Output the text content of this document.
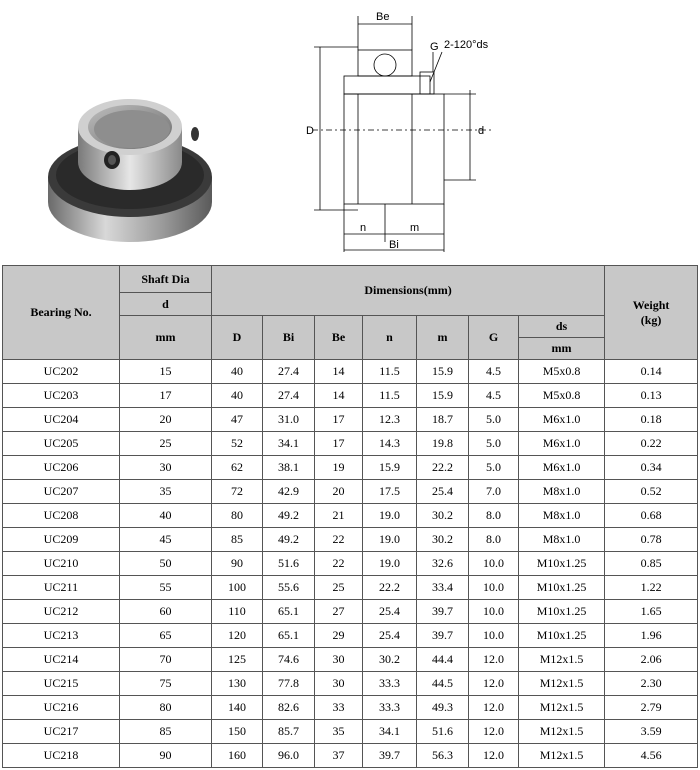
Be
G 2-120°ds
D	d
n	m
Bi
Bearing No.	Shaft Dia	Dimensions(mm)							Weight
(kg)
	d								
	mm	D	Bi	Be	n	m	G	ds	
								mm	
UC202	15	40	27.4	14	11.5	15.9	4.5	M5x0.8	0.14
UC203	17	40	27.4	14	11.5	15.9	4.5	M5x0.8	0.13
UC204	20	47	31.0	17	12.3	18.7	5.0	M6x1.0	0.18
UC205	25	52	34.1	17	14.3	19.8	5.0	M6x1.0	0.22
UC206	30	62	38.1	19	15.9	22.2	5.0	M6x1.0	0.34
UC207	35	72	42.9	20	17.5	25.4	7.0	M8x1.0	0.52
UC208	40	80	49.2	21	19.0	30.2	8.0	M8x1.0	0.68
UC209	45	85	49.2	22	19.0	30.2	8.0	M8x1.0	0.78
UC210	50	90	51.6	22	19.0	32.6	10.0	M10x1.25	0.85
UC211	55	100	55.6	25	22.2	33.4	10.0	M10x1.25	1.22
UC212	60	110	65.1	27	25.4	39.7	10.0	M10x1.25	1.65
UC213	65	120	65.1	29	25.4	39.7	10.0	M10x1.25	1.96
UC214	70	125	74.6	30	30.2	44.4	12.0	M12x1.5	2.06
UC215	75	130	77.8	30	33.3	44.5	12.0	M12x1.5	2.30
UC216	80	140	82.6	33	33.3	49.3	12.0	M12x1.5	2.79
UC217	85	150	85.7	35	34.1	51.6	12.0	M12x1.5	3.59
UC218	90	160	96.0	37	39.7	56.3	12.0	M12x1.5	4.56
